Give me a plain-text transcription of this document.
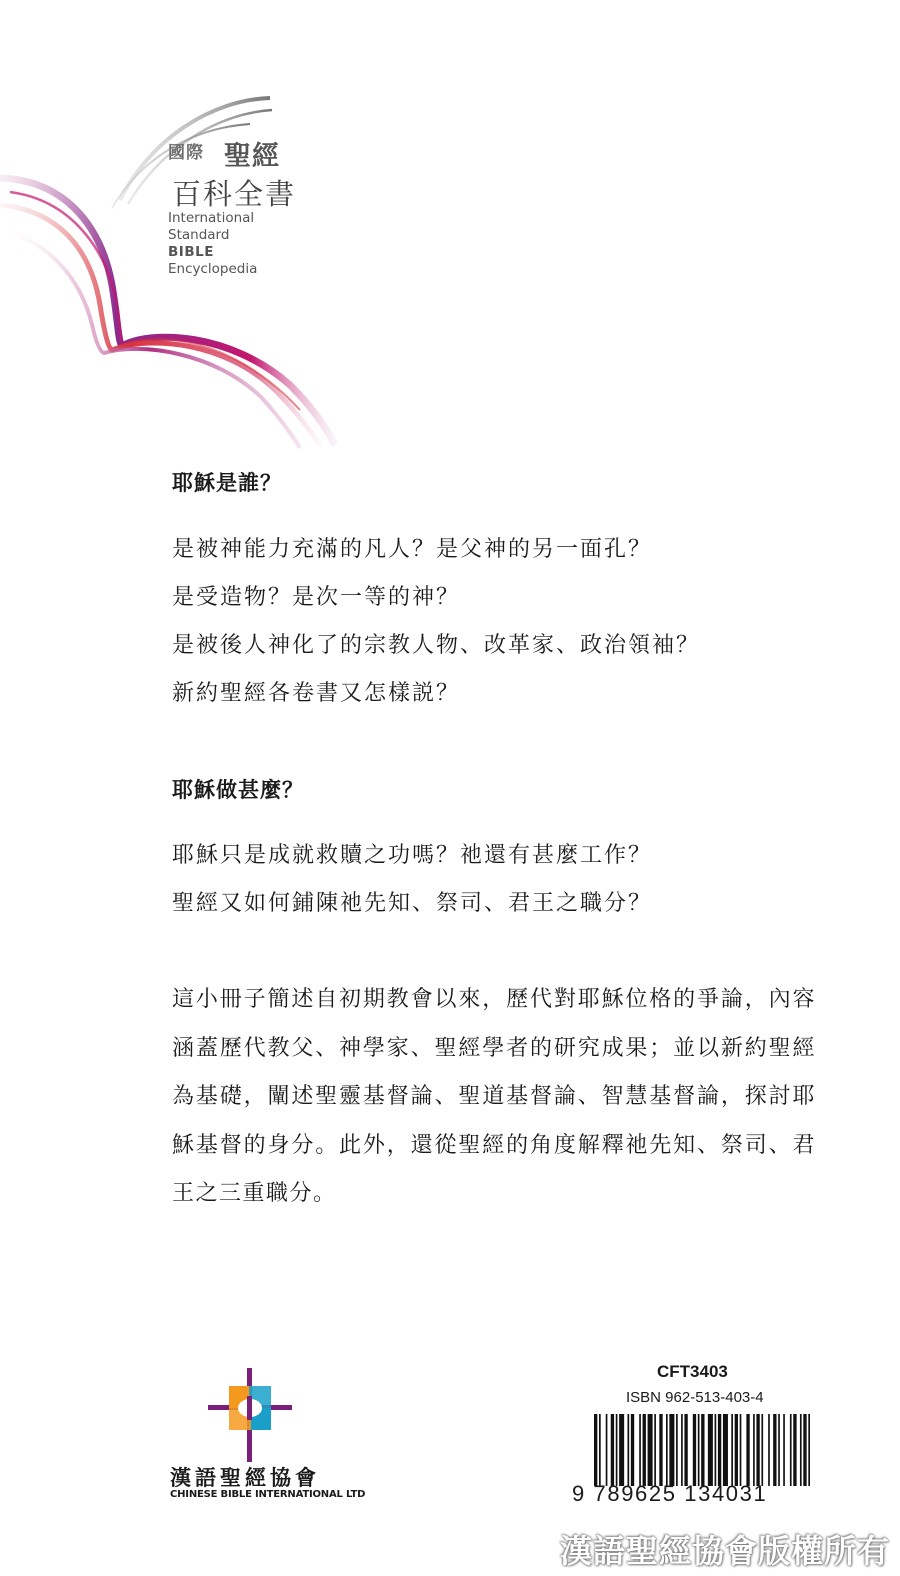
國際 聖經
百科全書
International
Standard
BIBLE
Encyclopedia
耶穌是誰？
是被神能力充滿的凡人？是父神的另一面孔？
是受造物？是次一等的神？
是被後人神化了的宗教人物、改革家、政治領袖？
新約聖經各卷書又怎樣説？
耶穌做甚麼？
耶穌只是成就救贖之功嗎？祂還有甚麼工作？
聖經又如何鋪陳祂先知、祭司、君王之職分？

這小冊子簡述自初期教會以來，歷代對耶穌位格的爭論，內容涵蓋歷代教父、神學家、聖經學者的研究成果；並以新約聖經為基礎，闡述聖靈基督論、聖道基督論、智慧基督論，探討耶穌基督的身分。此外，還從聖經的角度解釋祂先知、祭司、君王之三重職分。

漢語聖經協會
CHINESE BIBLE INTERNATIONAL LTD
CFT3403
ISBN 962-513-403-4
9 789625 134031
漢語聖經協會版權所有
